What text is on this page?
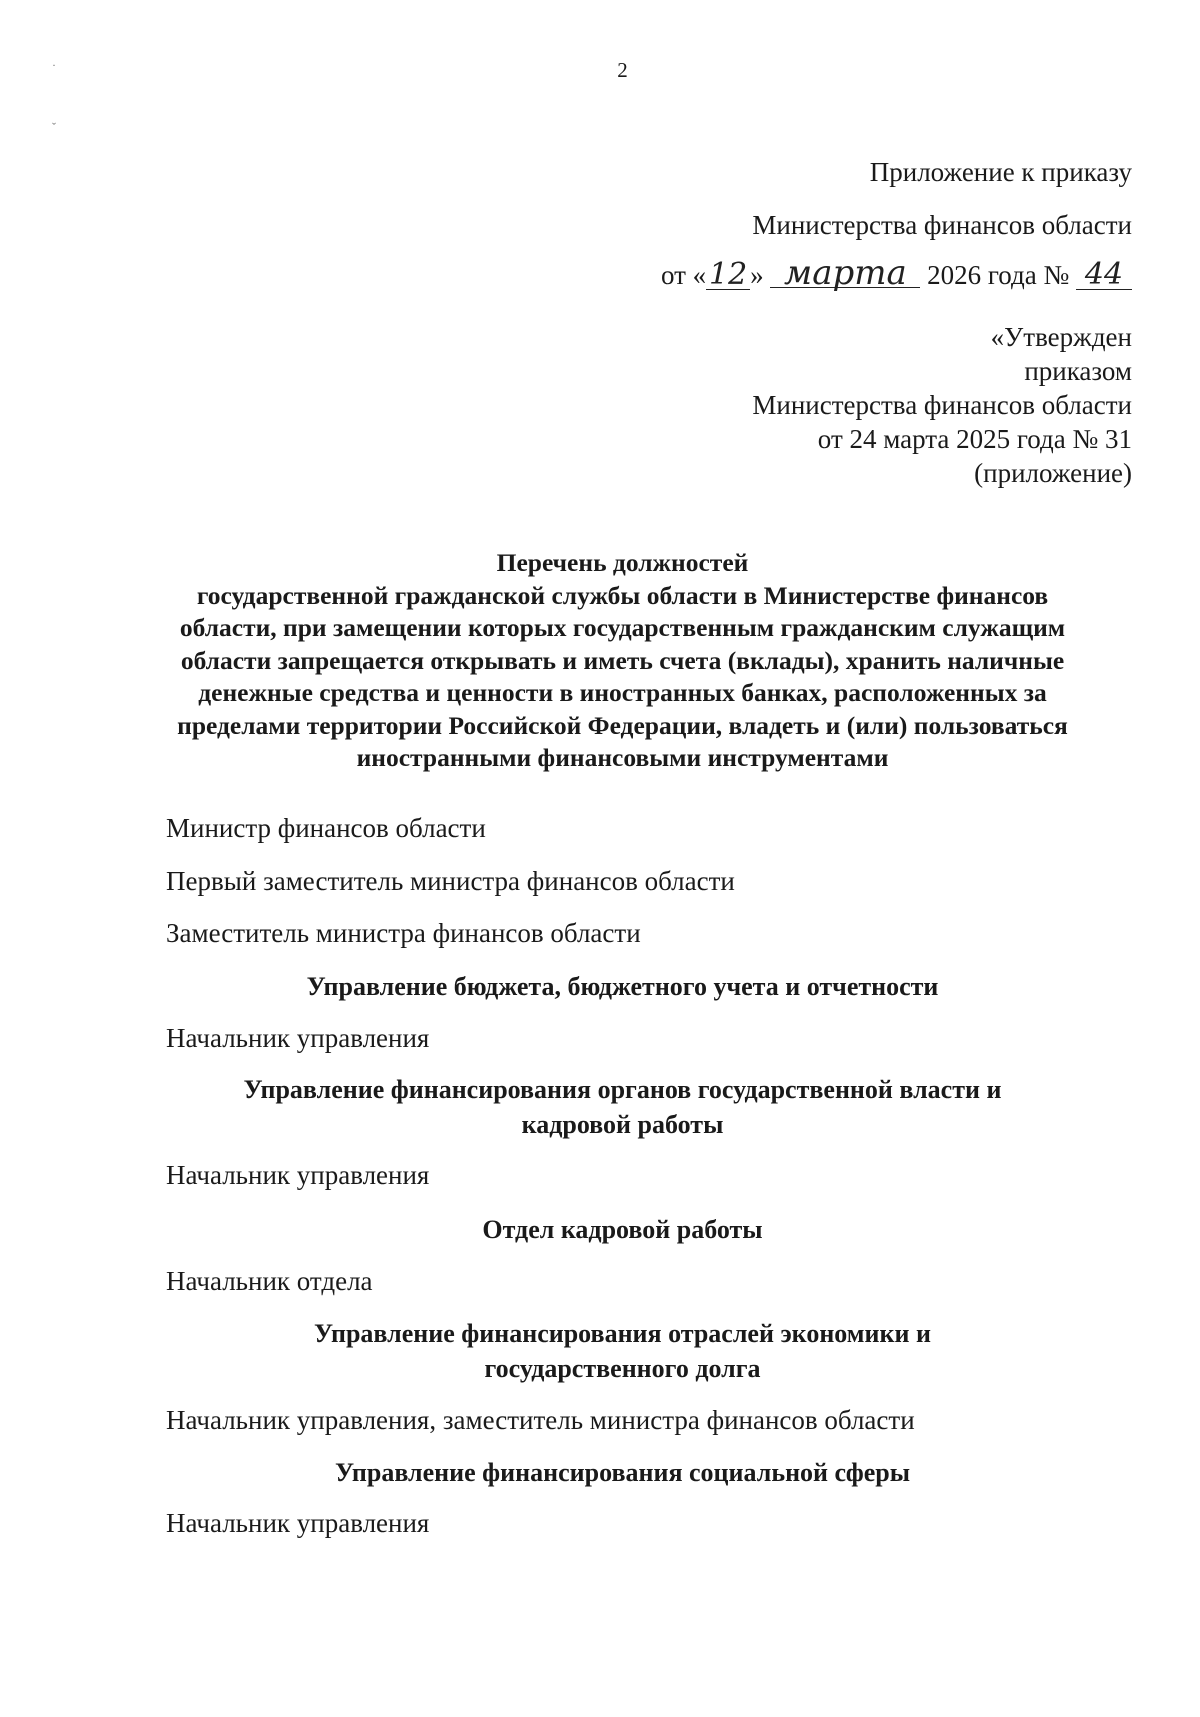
·
ˇ
2
Приложение к приказу
Министерства финансов области
от «12 » марта 2026 года № 44
«Утвержден
приказом
Министерства финансов области
от 24 марта 2025 года № 31
(приложение)
Перечень должностей
государственной гражданской службы области в Министерстве финансов
области, при замещении которых государственным гражданским служащим
области запрещается открывать и иметь счета (вклады), хранить наличные
денежные средства и ценности в иностранных банках, расположенных за
пределами территории Российской Федерации, владеть и (или) пользоваться
иностранными финансовыми инструментами
Министр финансов области
Первый заместитель министра финансов области
Заместитель министра финансов области
Управление бюджета, бюджетного учета и отчетности
Начальник управления
Управление финансирования органов государственной власти и
кадровой работы
Начальник управления
Отдел кадровой работы
Начальник отдела
Управление финансирования отраслей экономики и
государственного долга
Начальник управления, заместитель министра финансов области
Управление финансирования социальной сферы
Начальник управления
